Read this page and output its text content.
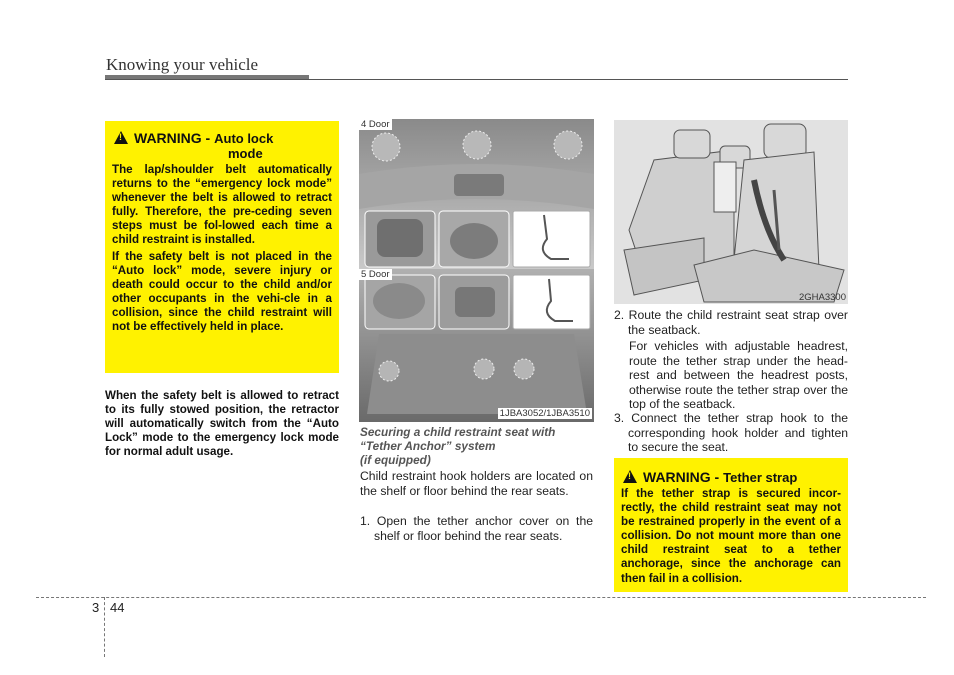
Knowing your vehicle
!WARNING - Auto lock
mode

The lap/shoulder belt automatically returns to the “emergency lock mode” whenever the belt is allowed to retract fully. Therefore, the pre-ceding seven steps must be fol-lowed each time a child restraint is installed.

If the safety belt is not placed in the “Auto lock” mode, severe injury or death could occur to the child and/or other occupants in the vehi-cle in a collision, since the child restraint will not be effectively held in place.

When the safety belt is allowed to retract to its fully stowed position, the retractor will automatically switch from the “Auto Lock” mode to the emergency lock mode for normal adult usage.
4 Door
5 Door
1JBA3052/1JBA3510
Securing a child restraint seat with
“Tether Anchor” system
(if equipped)
Child restraint hook holders are located on the shelf or floor behind the rear seats.
1. Open the tether anchor cover on the shelf or floor behind the rear seats.
2GHA3300
2. Route the child restraint seat strap over the seatback.
For vehicles with adjustable headrest, route the tether strap under the head-rest and between the headrest posts, otherwise route the tether strap over the top of the seatback.
3. Connect the tether strap hook to the corresponding hook holder and tighten to secure the seat.
!WARNING - Tether strap
If the tether strap is secured incor-rectly, the child restraint seat may not be restrained properly in the event of a collision. Do not mount more than one child restraint seat to a tether anchorage, since the anchorage can then fail in a collision.
3 44
